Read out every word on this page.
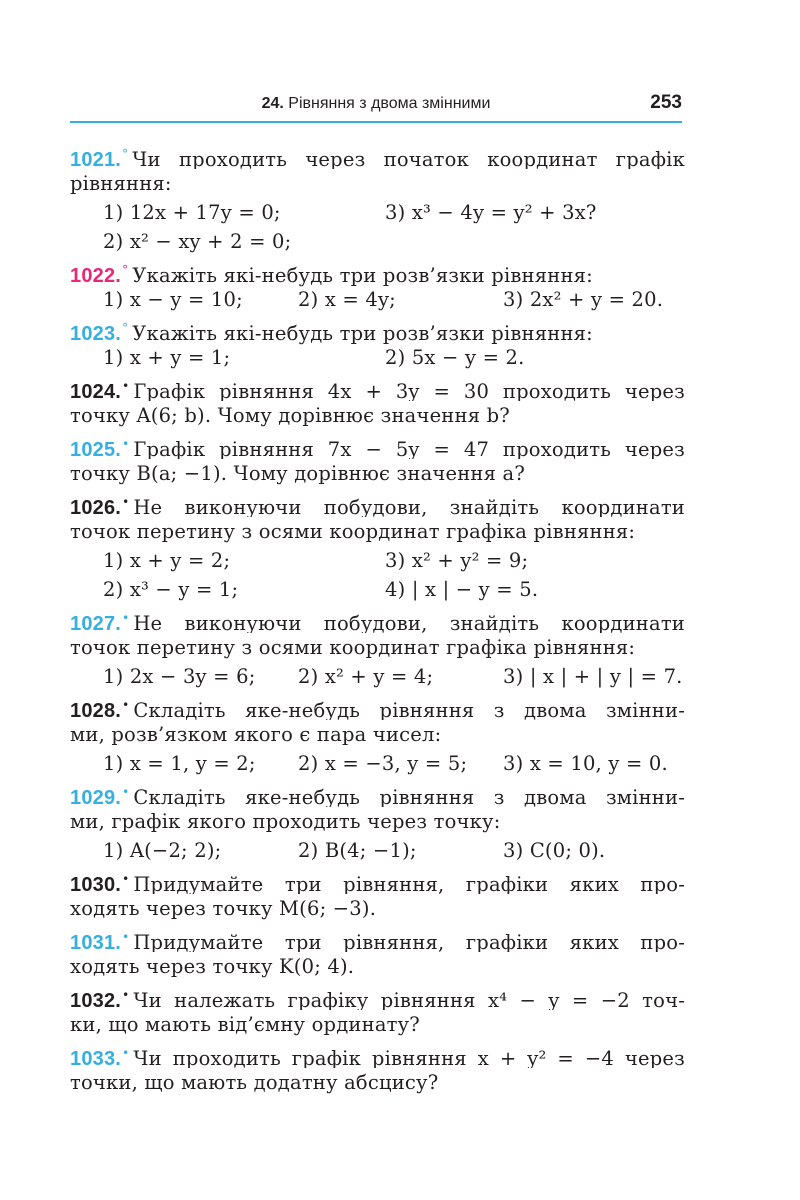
24. Рівняння з двома змінними	253
1021.° Чи проходить через початок координат графік
рівняння:
1) 12x + 17y = 0;	3) x³ − 4y = y² + 3x?
2) x² − xy + 2 = 0;
1022.° Укажіть які-небудь три розв’язки рівняння:
1) x − y = 10;	2) x = 4y;	3) 2x² + y = 20.
1023.° Укажіть які-небудь три розв’язки рівняння:
1) x + y = 1;	2) 5x − y = 2.
1024.• Графік рівняння 4x + 3y = 30 проходить через
точку A(6; b). Чому дорівнює значення b?
1025.• Графік рівняння 7x − 5y = 47 проходить через
точку B(a; −1). Чому дорівнює значення a?
1026.• Не виконуючи побудови, знайдіть координати
точок перетину з осями координат графіка рівняння:
1) x + y = 2;	3) x² + y² = 9;
2) x³ − y = 1;	4) | x | − y = 5.
1027.• Не виконуючи побудови, знайдіть координати
точок перетину з осями координат графіка рівняння:
1) 2x − 3y = 6; 2) x² + y = 4;	3) | x | + | y | = 7.
1028.• Складіть яке-небудь рівняння з двома змінни-
ми, розв’язком якого є пара чисел:
1) x = 1, y = 2; 2) x = −3, y = 5; 3) x = 10, y = 0.
1029.• Складіть яке-небудь рівняння з двома змінни-
ми, графік якого проходить через точку:
1) A(−2; 2);	2) B(4; −1);	3) C(0; 0).
1030.• Придумайте три рівняння, графіки яких про-
ходять через точку M(6; −3).
1031.• Придумайте три рівняння, графіки яких про-
ходять через точку K(0; 4).
1032.• Чи належать графіку рівняння x⁴ − y = −2 точ-
ки, що мають від’ємну ординату?
1033.• Чи проходить графік рівняння x + y² = −4 через
точки, що мають додатну абсцису?
